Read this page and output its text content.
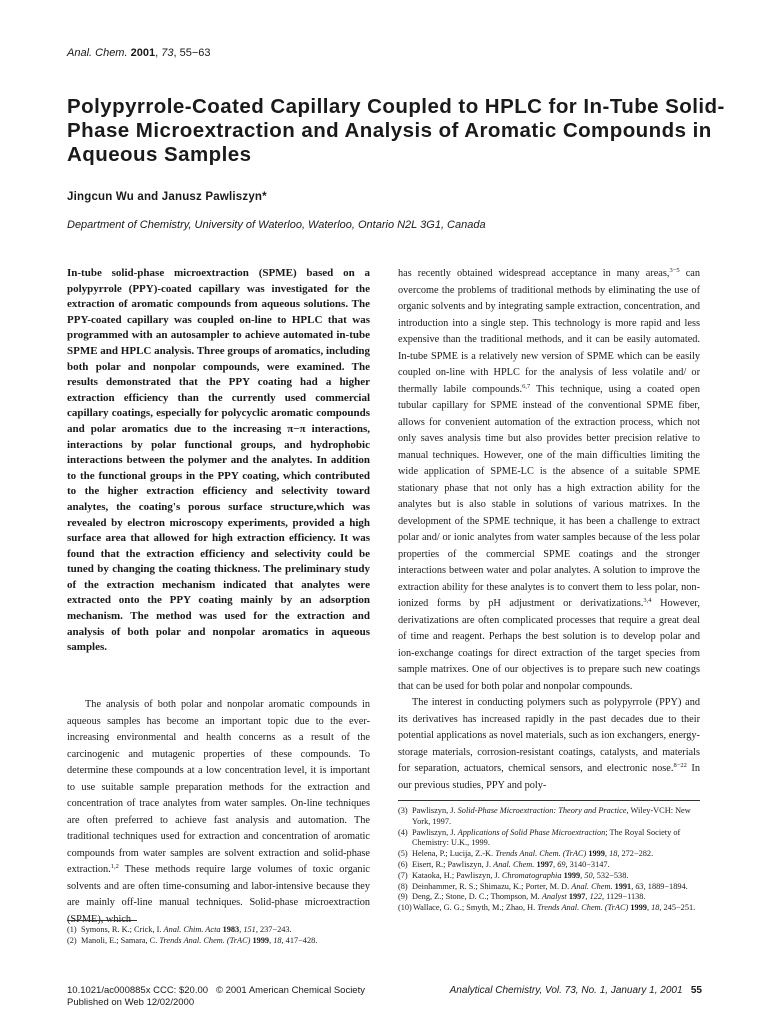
Anal. Chem. 2001, 73, 55−63
Polypyrrole-Coated Capillary Coupled to HPLC for In-Tube Solid-Phase Microextraction and Analysis of Aromatic Compounds in Aqueous Samples
Jingcun Wu and Janusz Pawliszyn*
Department of Chemistry, University of Waterloo, Waterloo, Ontario N2L 3G1, Canada
In-tube solid-phase microextraction (SPME) based on a polypyrrole (PPY)-coated capillary was investigated for the extraction of aromatic compounds from aqueous solutions. The PPY-coated capillary was coupled on-line to HPLC that was programmed with an autosampler to achieve automated in-tube SPME and HPLC analysis. Three groups of aromatics, including both polar and nonpolar compounds, were examined. The results demonstrated that the PPY coating had a higher extraction efficiency than the currently used commercial capillary coatings, especially for polycyclic aromatic compounds and polar aromatics due to the increasing π−π interactions, interactions by polar functional groups, and hydrophobic interactions between the polymer and the analytes. In addition to the functional groups in the PPY coating, which contributed to the higher extraction efficiency and selectivity toward analytes, the coating's porous surface structure,which was revealed by electron microscopy experiments, provided a high surface area that allowed for high extraction efficiency. It was found that the extraction efficiency and selectivity could be tuned by changing the coating thickness. The preliminary study of the extraction mechanism indicated that analytes were extracted onto the PPY coating mainly by an adsorption mechanism. The method was used for the extraction and analysis of both polar and nonpolar aromatics in aqueous samples.

The analysis of both polar and nonpolar aromatic compounds in aqueous samples has become an important topic due to the ever-increasing environmental and health concerns as a result of the carcinogenic and mutagenic properties of these compounds. To determine these compounds at a low concentration level, it is important to use suitable sample preparation methods for the extraction and concentration of trace analytes from water samples. On-line techniques are often preferred to achieve fast analysis and automation. The traditional techniques used for extraction and concentration of aromatic compounds from water samples are solvent extraction and solid-phase extraction.$^{1,2}$ These methods require large volumes of toxic organic solvents and are often time-consuming and labor-intensive because they are mainly off-line manual techniques. Solid-phase microextraction (SPME), which

has recently obtained widespread acceptance in many areas,$^{3-5}$ can overcome the problems of traditional methods by eliminating the use of organic solvents and by integrating sample extraction, concentration, and introduction into a single step. This technology is more rapid and less expensive than the traditional methods, and it can be easily automated. In-tube SPME is a relatively new version of SPME which can be easily coupled on-line with HPLC for the analysis of less volatile and/ or thermally labile compounds.$^{6,7}$ This technique, using a coated open tubular capillary for SPME instead of the conventional SPME fiber, allows for convenient automation of the extraction process, which not only saves analysis time but also provides better precision relative to manual techniques. However, one of the main difficulties limiting the wide application of SPME-LC is the absence of a suitable SPME stationary phase that not only has a high extraction ability for the analytes but is also stable in solutions of various matrixes. In the development of the SPME technique, it has been a challenge to extract polar and/ or ionic analytes from water samples because of the less polar properties of the commercial SPME coatings and the stronger interactions between water and polar analytes. A solution to improve the extraction ability for these analytes is to convert them to less polar, non-ionized forms by pH adjustment or derivatizations.$^{3,4}$ However, derivatizations are often complicated processes that require a great deal of time and reagent. Perhaps the best solution is to develop polar and ion-exchange coatings for direct extraction of the target species from sample matrixes. One of our objectives is to prepare such new coatings that can be used for both polar and nonpolar compounds.

The interest in conducting polymers such as polypyrrole (PPY) and its derivatives has increased rapidly in the past decades due to their potential applications as novel materials, such as ion exchangers, energy-storage materials, corrosion-resistant coatings, catalysts, and materials for separation, actuators, chemical sensors, and electronic nose.$^{8-22}$ In our previous studies, PPY and poly-

(1) Symons, R. K.; Crick, I. Anal. Chim. Acta 1983, 151, 237−243.
(2) Manoli, E.; Samara, C. Trends Anal. Chem. (TrAC) 1999, 18, 417−428.
(3) Pawliszyn, J. Solid-Phase Microextraction: Theory and Practice, Wiley-VCH: New York, 1997.
(4) Pawliszyn, J. Applications of Solid Phase Microextraction; The Royal Society of Chemistry: U.K., 1999.
(5) Helena, P.; Lucija, Z.-K. Trends Anal. Chem. (TrAC) 1999, 18, 272−282.
(6) Eisert, R.; Pawliszyn, J. Anal. Chem. 1997, 69, 3140−3147.
(7) Kataoka, H.; Pawliszyn, J. Chromatographia 1999, 50, 532−538.
(8) Deinhammer, R. S.; Shimazu, K.; Porter, M. D. Anal. Chem. 1991, 63, 1889−1894.
(9) Deng, Z.; Stone, D. C.; Thompson, M. Analyst 1997, 122, 1129−1138.
(10) Wallace, G. G.; Smyth, M.; Zhao, H. Trends Anal. Chem. (TrAC) 1999, 18, 245−251.
10.1021/ac000885x CCC: $20.00   © 2001 American Chemical Society
Published on Web 12/02/2000
Analytical Chemistry, Vol. 73, No. 1, January 1, 2001 55
